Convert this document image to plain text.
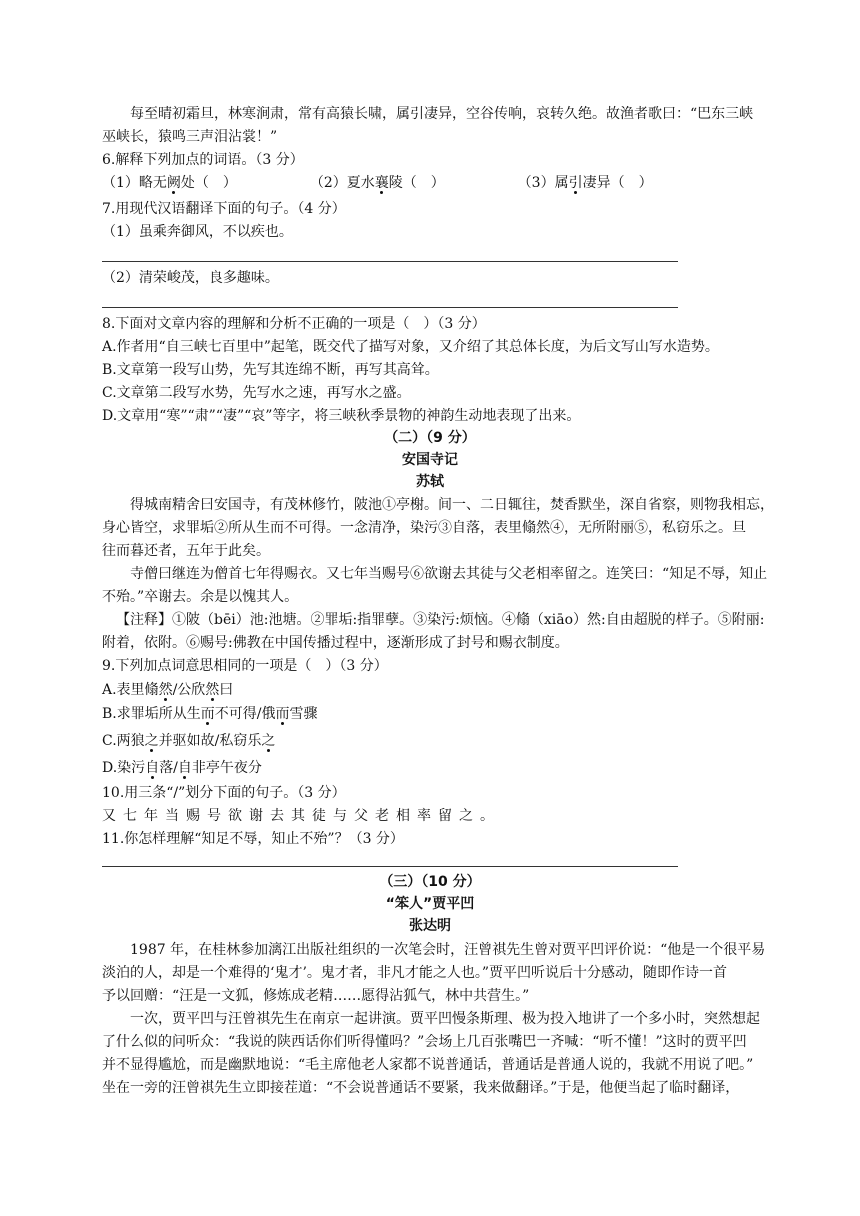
每至晴初霜旦，林寒涧肃，常有高猿长啸，属引凄异，空谷传响，哀转久绝。故渔者歌曰：“巴东三峡
巫峡长，猿鸣三声泪沾裳！”
6.解释下列加点的词语。（3 分）
（1）略无阙处（　）	（2）夏水襄陵（　）	（3）属引凄异（　）
7.用现代汉语翻译下面的句子。（4 分）
（1）虽乘奔御风，不以疾也。
（2）清荣峻茂，良多趣味。
8.下面对文章内容的理解和分析不正确的一项是（　）（3 分）
A.作者用“自三峡七百里中”起笔，既交代了描写对象，又介绍了其总体长度，为后文写山写水造势。
B.文章第一段写山势，先写其连绵不断，再写其高耸。
C.文章第二段写水势，先写水之速，再写水之盛。
D.文章用“寒”“肃”“凄”“哀”等字，将三峡秋季景物的神韵生动地表现了出来。
（二）（9 分）
安国寺记
苏轼
得城南精舍曰安国寺，有茂林修竹，陂池①亭榭。间一、二日辄往，焚香默坐，深自省察，则物我相忘，
身心皆空，求罪垢②所从生而不可得。一念清净，染污③自落，表里翛然④，无所附丽⑤，私窃乐之。旦
往而暮还者，五年于此矣。
寺僧曰继连为僧首七年得赐衣。又七年当赐号⑥欲谢去其徒与父老相率留之。连笑曰：“知足不辱，知止
不殆。”卒谢去。余是以愧其人。
【注释】①陂（bēi）池:池塘。②罪垢:指罪孽。③染污:烦恼。④翛（xiāo）然:自由超脱的样子。⑤附丽:
附着，依附。⑥赐号:佛教在中国传播过程中，逐渐形成了封号和赐衣制度。
9.下列加点词意思相同的一项是（　）（3 分）
A.表里翛然/公欣然曰
B.求罪垢所从生而不可得/俄而雪骤
C.两狼之并驱如故/私窃乐之
D.染污自落/自非亭午夜分
10.用三条“/”划分下面的句子。（3 分）
又七年当赐号欲谢去其徒与父老相率留之。
11.你怎样理解“知足不辱，知止不殆”？（3 分）
（三）（10 分）
“笨人”贾平凹
张达明
1987 年，在桂林参加漓江出版社组织的一次笔会时，汪曾祺先生曾对贾平凹评价说：“他是一个很平易
淡泊的人，却是一个难得的‘鬼才’。鬼才者，非凡才能之人也。”贾平凹听说后十分感动，随即作诗一首
予以回赠：“汪是一文狐，修炼成老精……愿得沾狐气，林中共营生。”
一次，贾平凹与汪曾祺先生在南京一起讲演。贾平凹慢条斯理、极为投入地讲了一个多小时，突然想起
了什么似的问听众：“我说的陕西话你们听得懂吗？”会场上几百张嘴巴一齐喊：“听不懂！”这时的贾平凹
并不显得尴尬，而是幽默地说：“毛主席他老人家都不说普通话，普通话是普通人说的，我就不用说了吧。”
坐在一旁的汪曾祺先生立即接茬道：“不会说普通话不要紧，我来做翻译。”于是，他便当起了临时翻译，
